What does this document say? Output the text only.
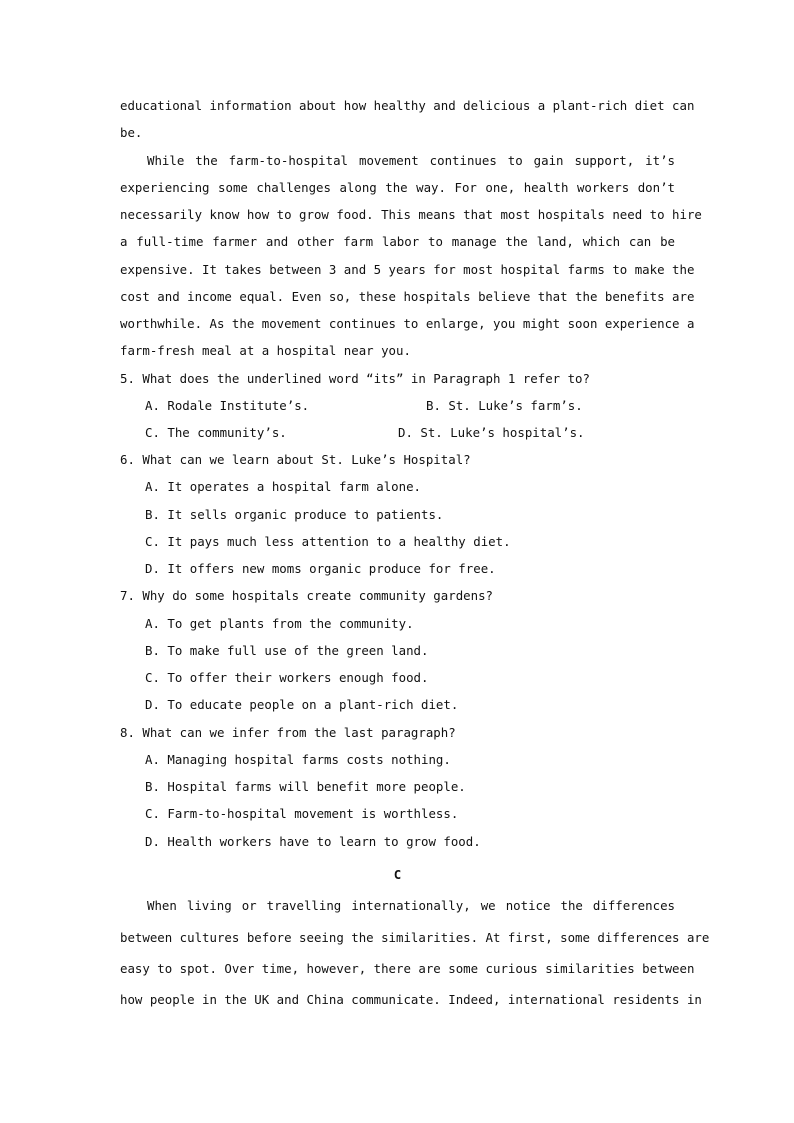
educational information about how healthy and delicious a plant-rich diet can
be.
While the farm-to-hospital movement continues to gain support, it’s
experiencing some challenges along the way. For one, health workers don’t
necessarily know how to grow food. This means that most hospitals need to hire
a full-time farmer and other farm labor to manage the land, which can be
expensive. It takes between 3 and 5 years for most hospital farms to make the
cost and income equal. Even so, these hospitals believe that the benefits are
worthwhile. As the movement continues to enlarge, you might soon experience a
farm-fresh meal at a hospital near you.
5. What does the underlined word “its” in Paragraph 1 refer to?
A. Rodale Institute’s.	B. St. Luke’s farm’s.
C. The community’s.	D. St. Luke’s hospital’s.
6. What can we learn about St. Luke’s Hospital?
A. It operates a hospital farm alone.
B. It sells organic produce to patients.
C. It pays much less attention to a healthy diet.
D. It offers new moms organic produce for free.
7. Why do some hospitals create community gardens?
A. To get plants from the community.
B. To make full use of the green land.
C. To offer their workers enough food.
D. To educate people on a plant-rich diet.
8. What can we infer from the last paragraph?
A. Managing hospital farms costs nothing.
B. Hospital farms will benefit more people.
C. Farm-to-hospital movement is worthless.
D. Health workers have to learn to grow food.
C
When living or travelling internationally, we notice the differences
between cultures before seeing the similarities. At first, some differences are
easy to spot. Over time, however, there are some curious similarities between
how people in the UK and China communicate. Indeed, international residents in
